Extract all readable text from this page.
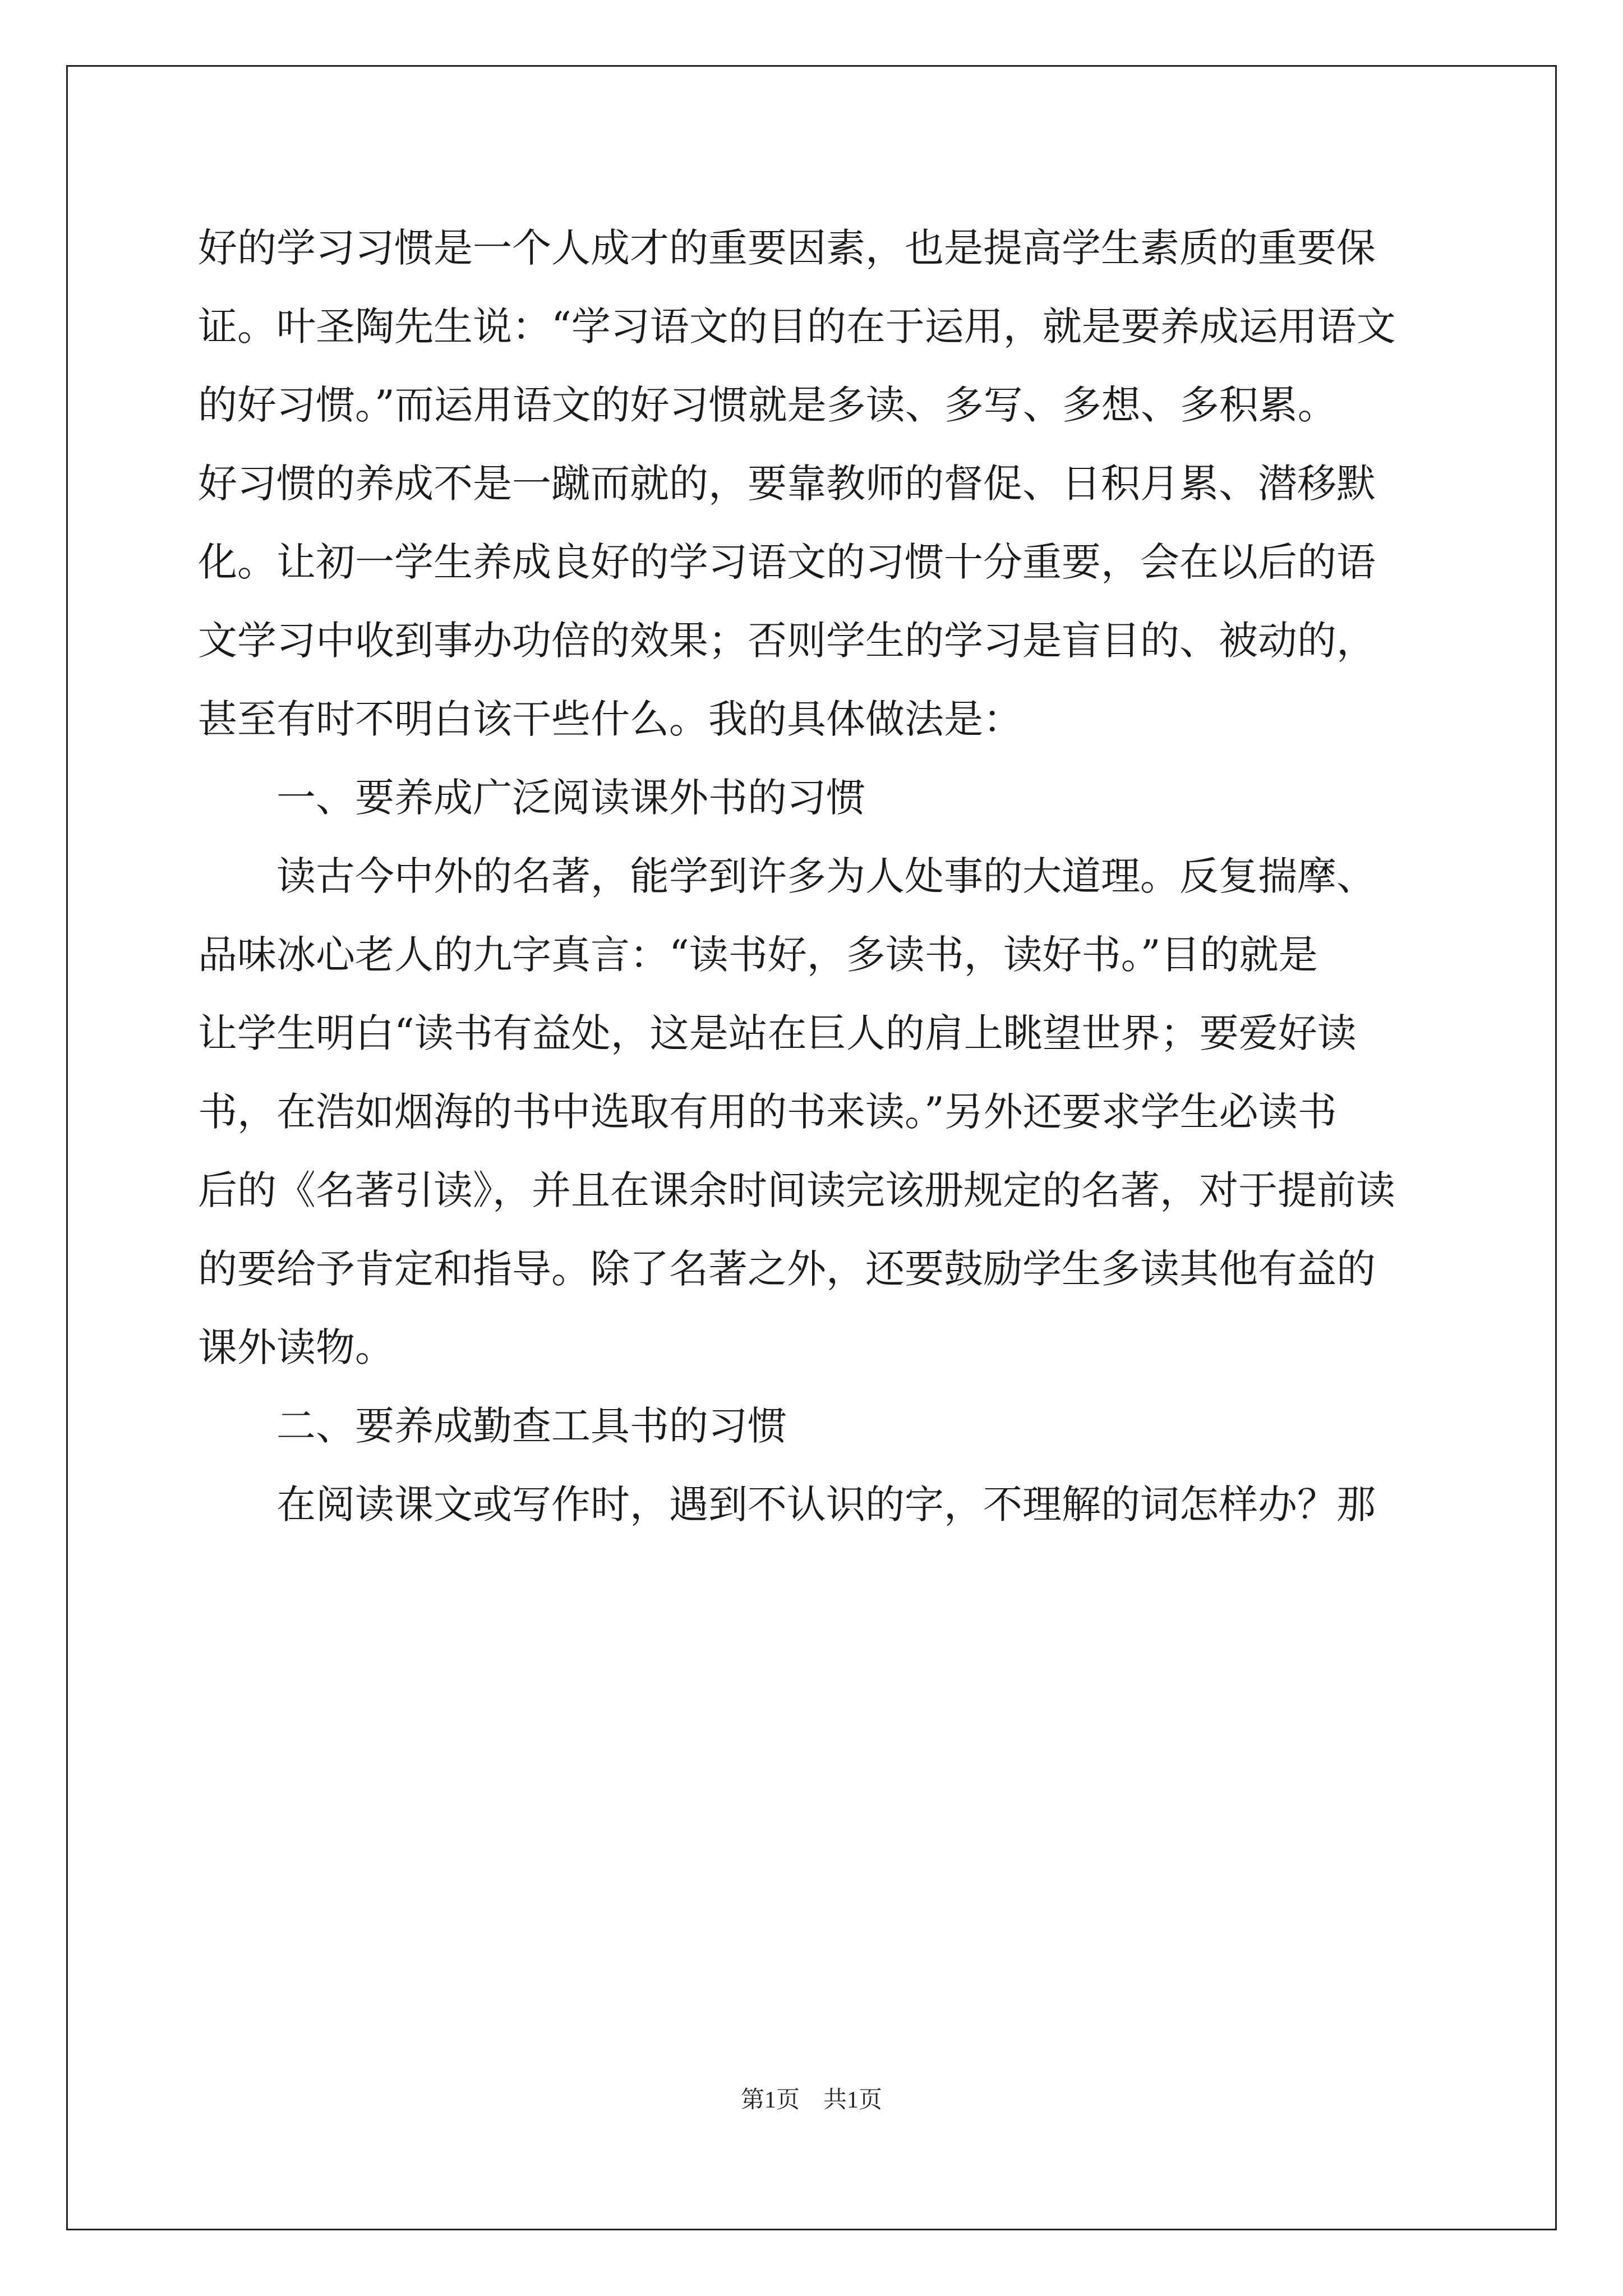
好的学习习惯是一个人成才的重要因素，也是提高学生素质的重要保
证。叶圣陶先生说：“学习语文的目的在于运用，就是要养成运用语文
的好习惯。”而运用语文的好习惯就是多读、多写、多想、多积累。
好习惯的养成不是一蹴而就的，要靠教师的督促、日积月累、潜移默
化。让初一学生养成良好的学习语文的习惯十分重要，会在以后的语
文学习中收到事办功倍的效果；否则学生的学习是盲目的、被动的，
甚至有时不明白该干些什么。我的具体做法是：
一、要养成广泛阅读课外书的习惯
读古今中外的名著，能学到许多为人处事的大道理。反复揣摩、
品味冰心老人的九字真言：“读书好，多读书，读好书。”目的就是
让学生明白“读书有益处，这是站在巨人的肩上眺望世界；要爱好读
书，在浩如烟海的书中选取有用的书来读。”另外还要求学生必读书
后的《名著引读》，并且在课余时间读完该册规定的名著，对于提前读
的要给予肯定和指导。除了名著之外，还要鼓励学生多读其他有益的
课外读物。
二、要养成勤查工具书的习惯
在阅读课文或写作时，遇到不认识的字，不理解的词怎样办？那
第1页　共1页
